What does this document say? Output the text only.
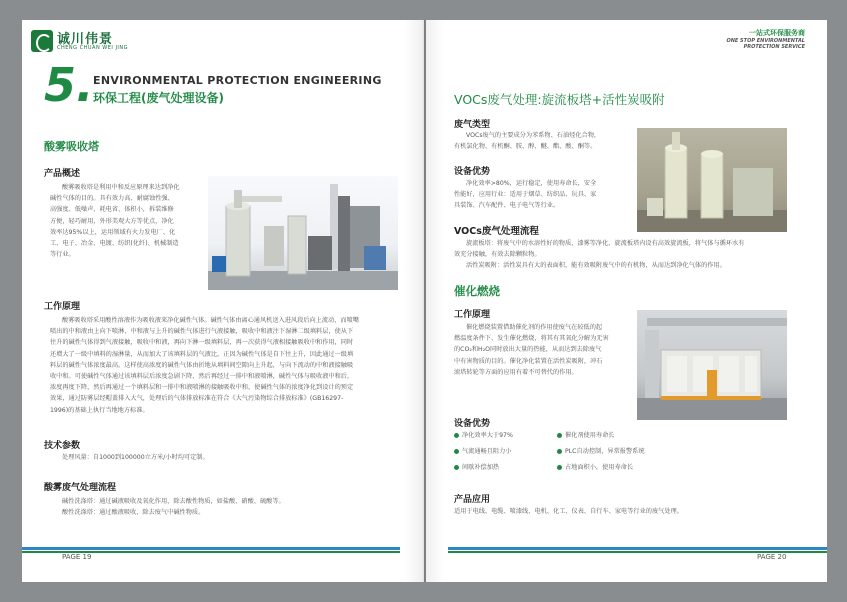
诚川伟景
CHENG CHUAN WEI JING
5. ENVIRONMENTAL PROTECTION ENGINEERING
环保工程(废气处理设备)
酸雾吸收塔
产品概述
酸雾吸收塔是利用中和反应原理来达到净化
碱性气体的目的。具有效力高、耐腐蚀性强、
高强度、低噪声、耗电省、体积小，拆装维修
方便，轻巧耐用，外形美观大方等优点，净化
效率达95%以上，运用领域有火力发电厂、化
工、电子、冶金、电镀、纺织(化纤)、机械制造
等行业。
工作原理
酸雾吸收塔采用酸性溶液作为吸收液来净化碱性气体。碱性气体由离心通风机送入进风段后向上流动，而喷嘴
喷出的中和液由上向下喷淋，中和液与上升的碱性气体进行气液接触，吸收中和液注下湿淋二级填料层，使从下
往升的碱性气体得到气液接触，吸收中和液，再向下淋一级填料层，再一次获得气液相接触吸收中和作用，同时
还增大了一级中填料的湿淋量，从而加大了该填料层的气液比，正因为碱性气体是自下往上升，因此通过一级填
料层的碱性气体浓度最高。这样使高浓度的碱性气体由折地从填料间空隙向上升起，与向下流动的中和液接触吸
收中和。可使碱性气体通过该填料层后浓度急剧下降，然后再经过一排中和液喷淋，碱性气体与吸收液中和后，
浓度再度下降，然后再通过一个填料层和一排中和液喷淋的接触吸收中和，使碱性气体的浓度净化到设计的预定
效果，通过防雾层经帽盖排入大气，处理后的气体排放标准在符合《大气污染物综合排放标准》(GB16297-
1996)的基础上执行当地地方标准。
技术参数
处理风量：自1000到100000立方米/小时均可定制。
酸雾废气处理流程
碱性洗涤塔：通过碱液吸收及氧化作用，除去酸性物质，如盐酸、硝酸、硫酸等。
酸性洗涤塔：通过酸液吸收，除去废气中碱性物质。
PAGE 19
一站式环保服务商
ONE STOP ENVIRONMENTAL
PROTECTION SERVICE
VOCs废气处理:旋流板塔+活性炭吸附
废气类型
VOCs废气的主要成分为苯系物、石油烃化合物，
有机氯化物、有机酮、胺、醇、醚、酯、酸、酮等。
设备优势
净化效率>80%，运行稳定，使用寿命长，安全
性能好，应用行业：适用于烟草、纺织品、玩具、家
具装饰、汽车配件、电子电气等行业。
VOCs废气处理流程
旋流板塔：将废气中的水溶性好的物质、漆雾等净化，旋流板塔内设有高效旋流板，将气体与循环水有
效充分接触，有效去除颗粒物。
活性炭吸附：活性炭具有大的表面积，能有效吸附废气中的有机物，从而达到净化气体的作用。
催化燃烧
工作原理
催化燃烧装置借助催化剂的作用使废气在较低的起
燃温度条件下，发生催化燃烧，将其有其氧化分解为无害
的CO₂和H₂O同时放出大量的热能，从而达到去除废气
中有害物质的目的。催化净化装置在活性炭吸附，冲石
滚塔转轮等方面的应用有着不可替代的作用。
设备优势
净化效率大于97%	催化剂使用寿命长
气流通畅且阻力小	PLC自动控制，异常报警系统
间歇补偿加热	占地面积小，使用寿命长
产品应用
适用于电线、电缆、喷漆线、电机、化工、仪表、自行车、家电等行业的废气处理。
PAGE 20
